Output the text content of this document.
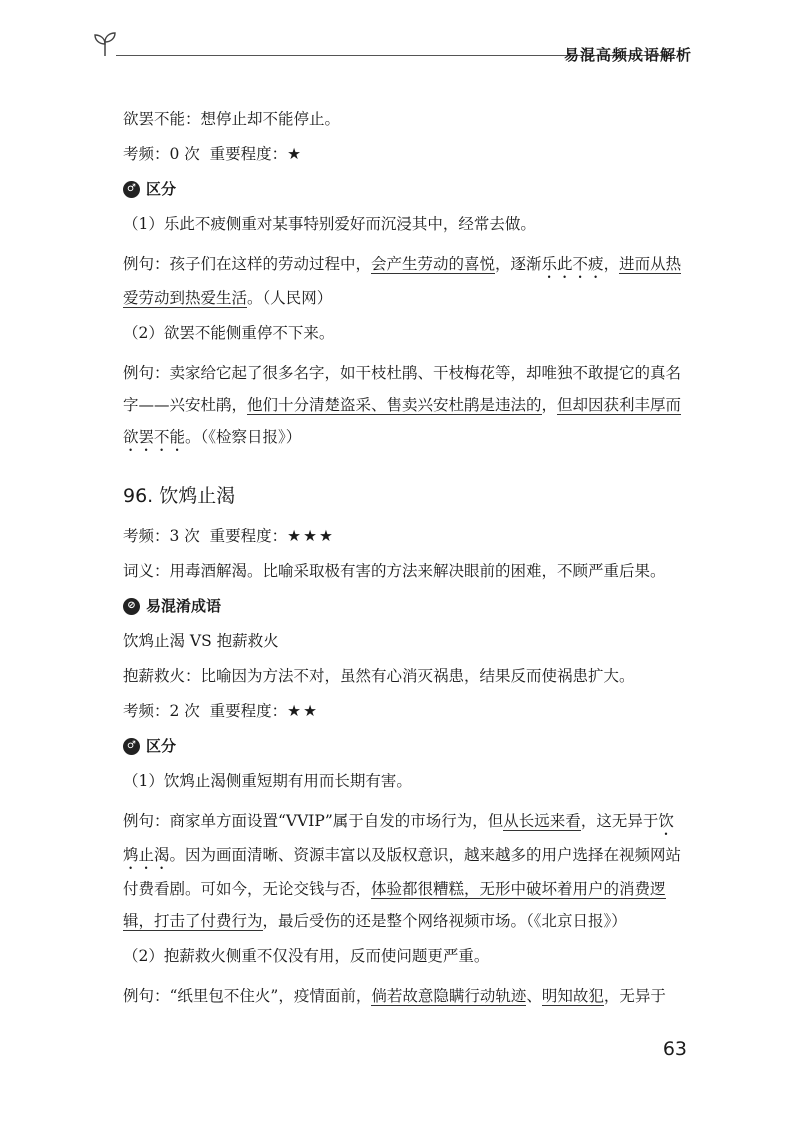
易混高频成语解析

欲罢不能：想停止却不能停止。

考频：0 次 重要程度：★

♂ 区分

（1）乐此不疲侧重对某事特别爱好而沉浸其中，经常去做。

例句：孩子们在这样的劳动过程中，会产生劳动的喜悦，逐渐乐此不疲，进而从热爱劳动到热爱生活。（人民网）

（2）欲罢不能侧重停不下来。

例句：卖家给它起了很多名字，如干枝杜鹃、干枝梅花等，却唯独不敢提它的真名字——兴安杜鹃，他们十分清楚盗采、售卖兴安杜鹃是违法的，但却因获利丰厚而欲罢不能。（《检察日报》）

96. 饮鸩止渴

考频：3 次 重要程度：★★★

词义：用毒酒解渴。比喻采取极有害的方法来解决眼前的困难，不顾严重后果。

⊘ 易混淆成语

饮鸩止渴 VS 抱薪救火

抱薪救火：比喻因为方法不对，虽然有心消灭祸患，结果反而使祸患扩大。

考频：2 次 重要程度：★★

♂ 区分

（1）饮鸩止渴侧重短期有用而长期有害。

例句：商家单方面设置“VVIP”属于自发的市场行为，但从长远来看，这无异于饮鸩止渴。因为画面清晰、资源丰富以及版权意识，越来越多的用户选择在视频网站付费看剧。可如今，无论交钱与否，体验都很糟糕，无形中破坏着用户的消费逻辑，打击了付费行为，最后受伤的还是整个网络视频市场。（《北京日报》）

（2）抱薪救火侧重不仅没有用，反而使问题更严重。

例句：“纸里包不住火”，疫情面前，倘若故意隐瞒行动轨迹、明知故犯，无异于

63
